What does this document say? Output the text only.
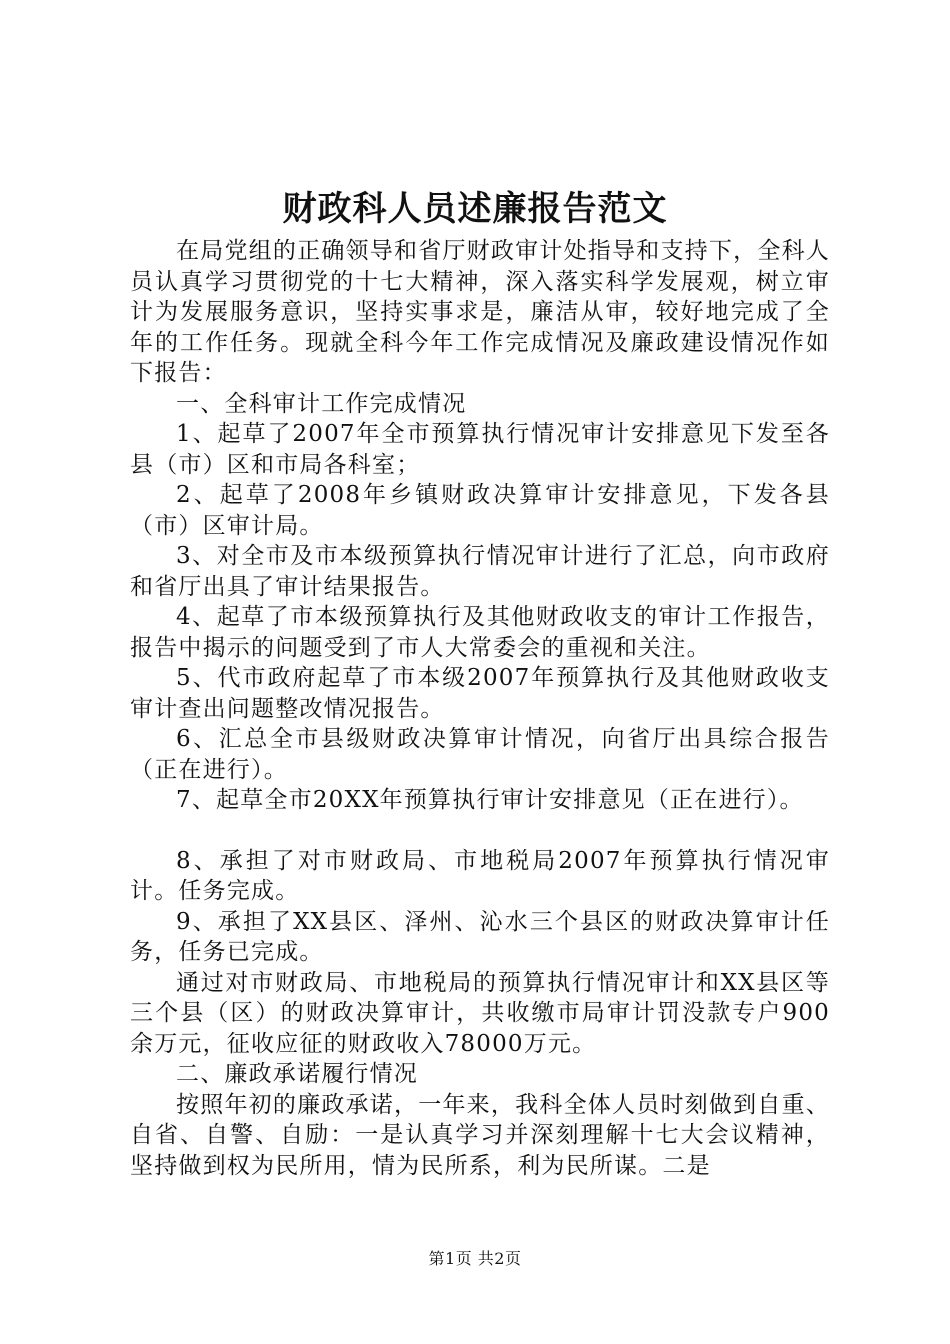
财政科人员述廉报告范文

在局党组的正确领导和省厅财政审计处指导和支持下，全科人员认真学习贯彻党的十七大精神，深入落实科学发展观，树立审计为发展服务意识，坚持实事求是，廉洁从审，较好地完成了全年的工作任务。现就全科今年工作完成情况及廉政建设情况作如下报告：

一、全科审计工作完成情况

1、起草了2007年全市预算执行情况审计安排意见下发至各县（市）区和市局各科室；

2、起草了2008年乡镇财政决算审计安排意见，下发各县（市）区审计局。

3、对全市及市本级预算执行情况审计进行了汇总，向市政府和省厅出具了审计结果报告。

4、起草了市本级预算执行及其他财政收支的审计工作报告，报告中揭示的问题受到了市人大常委会的重视和关注。

5、代市政府起草了市本级2007年预算执行及其他财政收支审计查出问题整改情况报告。

6、汇总全市县级财政决算审计情况，向省厅出具综合报告（正在进行）。

7、起草全市20XX年预算执行审计安排意见（正在进行）。

8、承担了对市财政局、市地税局2007年预算执行情况审计。任务完成。

9、承担了XX县区、泽州、沁水三个县区的财政决算审计任务，任务已完成。

通过对市财政局、市地税局的预算执行情况审计和XX县区等三个县（区）的财政决算审计，共收缴市局审计罚没款专户900余万元，征收应征的财政收入78000万元。

二、廉政承诺履行情况

按照年初的廉政承诺，一年来，我科全体人员时刻做到自重、自省、自警、自励：一是认真学习并深刻理解十七大会议精神，坚持做到权为民所用，情为民所系，利为民所谋。二是

第1页 共2页
